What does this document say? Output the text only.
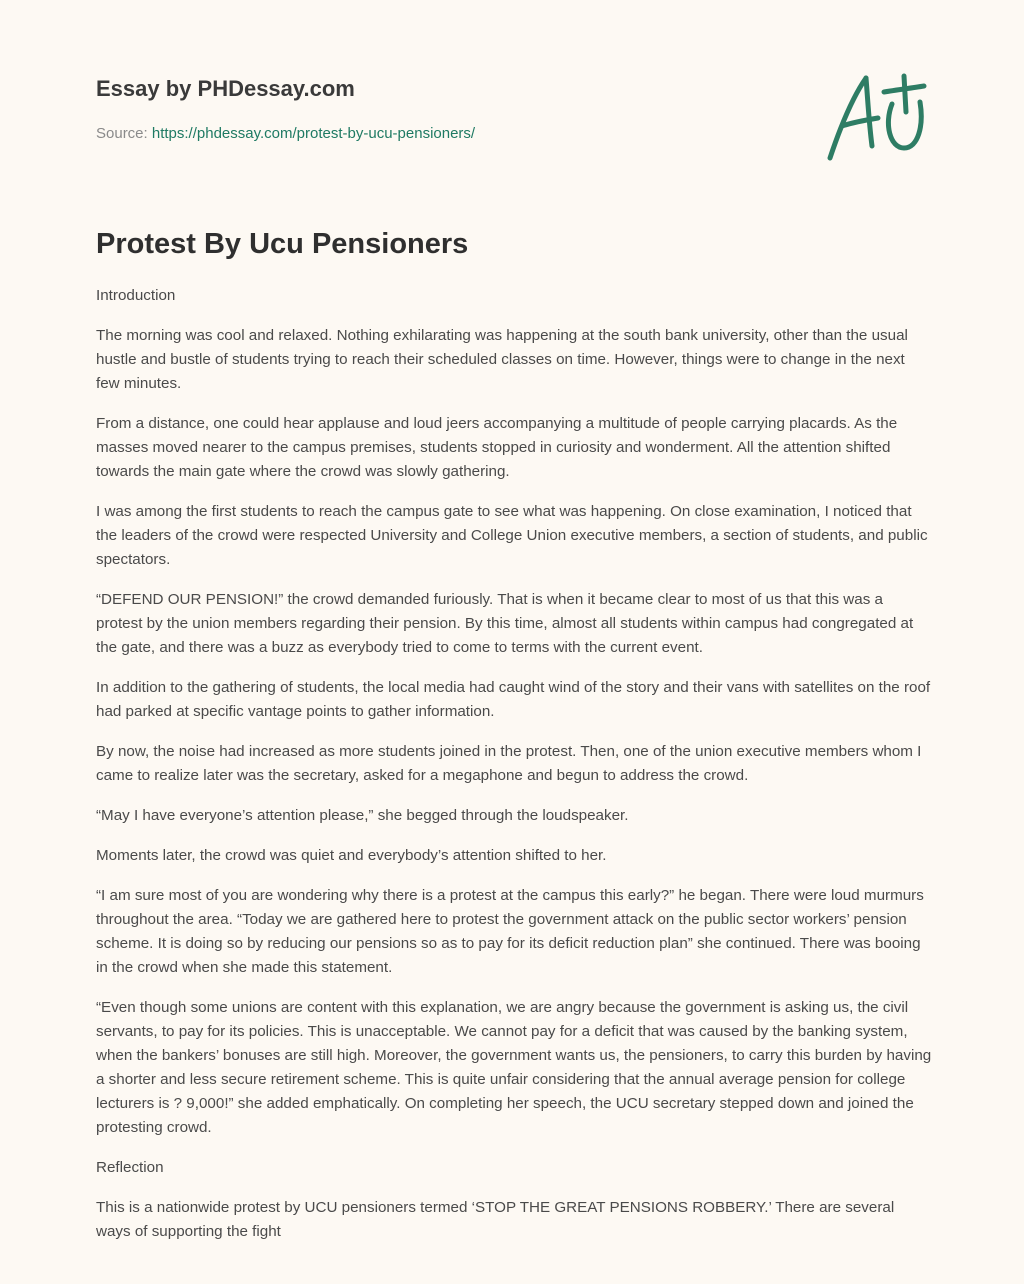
Essay by PHDessay.com
Source: https://phdessay.com/protest-by-ucu-pensioners/
Protest By Ucu Pensioners

Introduction

The morning was cool and relaxed. Nothing exhilarating was happening at the south bank university, other than the usual hustle and bustle of students trying to reach their scheduled classes on time. However, things were to change in the next few minutes.

From a distance, one could hear applause and loud jeers accompanying a multitude of people carrying placards. As the masses moved nearer to the campus premises, students stopped in curiosity and wonderment. All the attention shifted towards the main gate where the crowd was slowly gathering.

I was among the first students to reach the campus gate to see what was happening. On close examination, I noticed that the leaders of the crowd were respected University and College Union executive members, a section of students, and public spectators.

“DEFEND OUR PENSION!” the crowd demanded furiously. That is when it became clear to most of us that this was a protest by the union members regarding their pension. By this time, almost all students within campus had congregated at the gate, and there was a buzz as everybody tried to come to terms with the current event.

In addition to the gathering of students, the local media had caught wind of the story and their vans with satellites on the roof had parked at specific vantage points to gather information.

By now, the noise had increased as more students joined in the protest. Then, one of the union executive members whom I came to realize later was the secretary, asked for a megaphone and begun to address the crowd.

“May I have everyone’s attention please,” she begged through the loudspeaker.

Moments later, the crowd was quiet and everybody’s attention shifted to her.

“I am sure most of you are wondering why there is a protest at the campus this early?” he began. There were loud murmurs throughout the area. “Today we are gathered here to protest the government attack on the public sector workers’ pension scheme. It is doing so by reducing our pensions so as to pay for its deficit reduction plan” she continued. There was booing in the crowd when she made this statement.

“Even though some unions are content with this explanation, we are angry because the government is asking us, the civil servants, to pay for its policies. This is unacceptable. We cannot pay for a deficit that was caused by the banking system, when the bankers’ bonuses are still high. Moreover, the government wants us, the pensioners, to carry this burden by having a shorter and less secure retirement scheme. This is quite unfair considering that the annual average pension for college lecturers is ? 9,000!” she added emphatically. On completing her speech, the UCU secretary stepped down and joined the protesting crowd.

Reflection

This is a nationwide protest by UCU pensioners termed ‘STOP THE GREAT PENSIONS ROBBERY.’ There are several ways of supporting the fight
